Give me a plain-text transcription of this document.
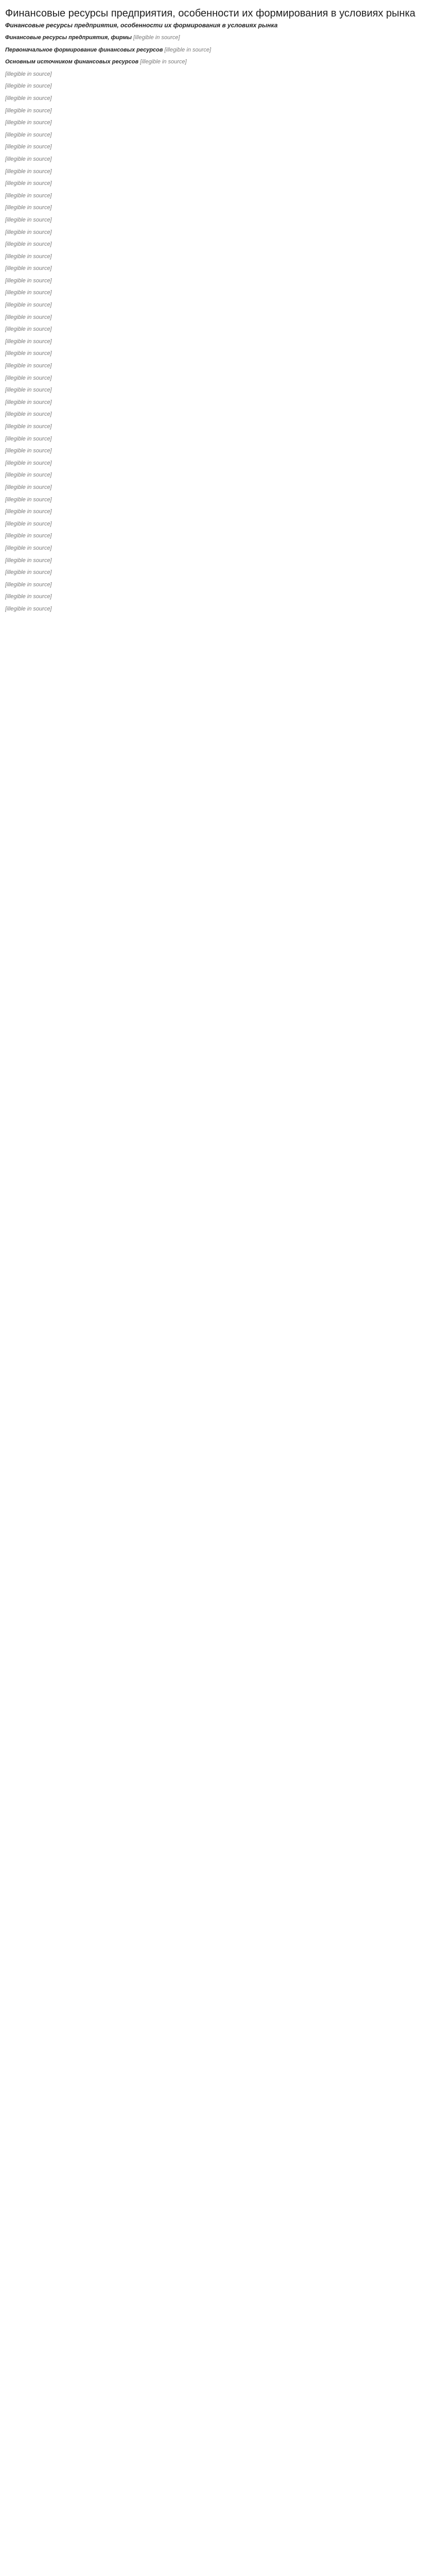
Финансовые ресурсы предприятия, особенности их формирования в условиях рынка
Финансовые ресурсы предприятия, особенности их формирования в условиях рынка

Финансовые ресурсы предприятия, фирмы [illegible in source]

Первоначальное формирование финансовых ресурсов [illegible in source]

Основным источником финансовых ресурсов [illegible in source]

[illegible in source]

[illegible in source]

[illegible in source]

[illegible in source]

[illegible in source]

[illegible in source]

[illegible in source]

[illegible in source]

[illegible in source]

[illegible in source]

[illegible in source]

[illegible in source]

[illegible in source]

[illegible in source]

[illegible in source]

[illegible in source]

[illegible in source]

[illegible in source]

[illegible in source]

[illegible in source]

[illegible in source]

[illegible in source]

[illegible in source]

[illegible in source]

[illegible in source]

[illegible in source]

[illegible in source]

[illegible in source]

[illegible in source]

[illegible in source]

[illegible in source]

[illegible in source]

[illegible in source]

[illegible in source]

[illegible in source]

[illegible in source]

[illegible in source]

[illegible in source]

[illegible in source]

[illegible in source]

[illegible in source]

[illegible in source]

[illegible in source]

[illegible in source]

[illegible in source]
